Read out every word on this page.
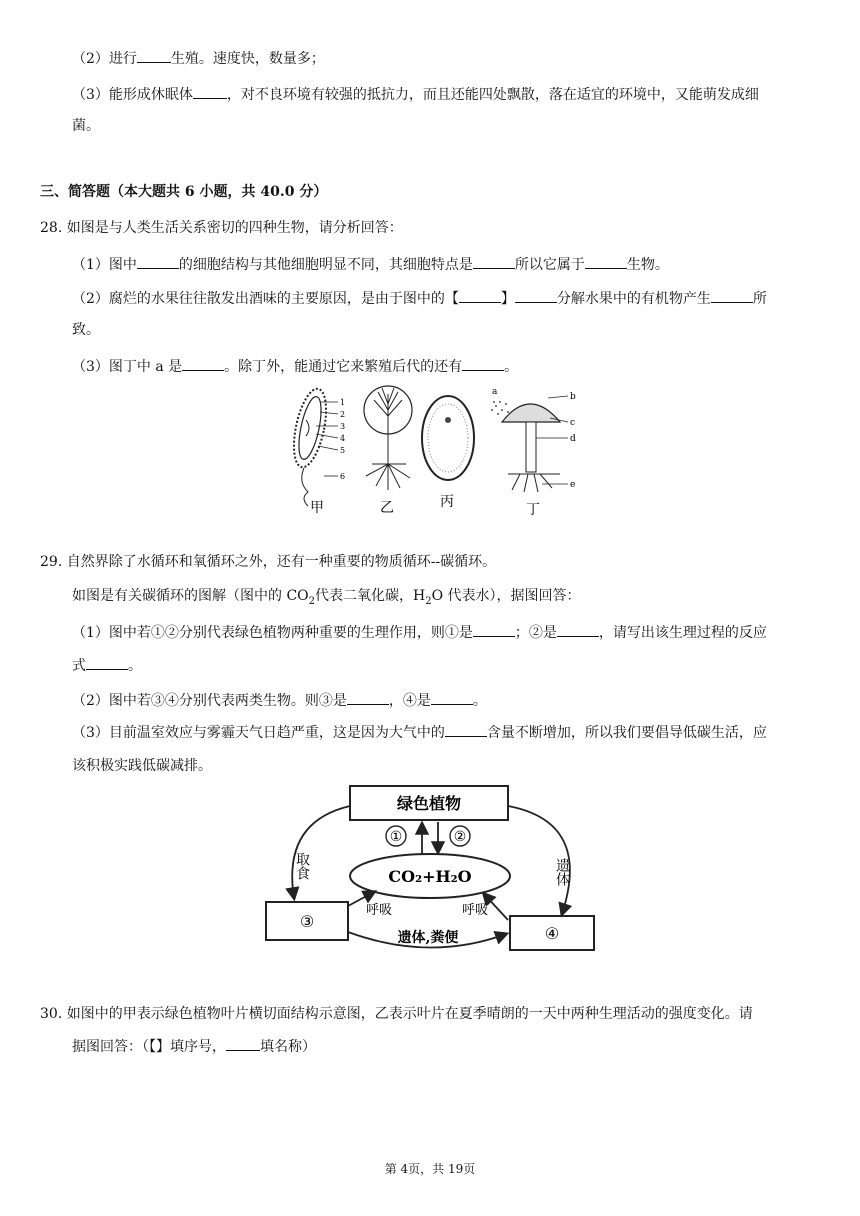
（2）进行 生殖。速度快，数量多；
（3）能形成休眠体 ，对不良环境有较强的抵抗力，而且还能四处飘散，落在适宜的环境中，又能萌发成细
菌。
三、简答题（本大题共 6 小题，共 40.0 分）
28. 如图是与人类生活关系密切的四种生物，请分析回答：
（1）图中	的细胞结构与其他细胞明显不同，其细胞特点是	所以它属于	生物。
（2）腐烂的水果往往散发出酒味的主要原因，是由于图中的【	】	分解水果中的有机物产生	所
致。
（3）图丁中 a 是	。除丁外，能通过它来繁殖后代的还有	。
1
2
3
4
5
6
甲	乙	丙
a	b
c
d
e
丁
29. 自然界除了水循环和氧循环之外，还有一种重要的物质循环--碳循环。
如图是有关碳循环的图解（图中的 $CO_2$代表二氧化碳，$H_2O$ 代表水），据图回答：
（1）图中若①②分别代表绿色植物两种重要的生理作用，则①是	；②是	，请写出该生理过程的反应
式	。
（2）图中若③④分别代表两类生物。则③是	，④是	。
（3）目前温室效应与雾霾天气日趋严重，这是因为大气中的	含量不断增加，所以我们要倡导低碳生活，应
该积极实践低碳减排。
绿色植物
①	②
CO₂+H₂O
③
④
取食	遗体
呼吸	呼吸
遗体,粪便
30. 如图中的甲表示绿色植物叶片横切面结构示意图，乙表示叶片在夏季晴朗的一天中两种生理活动的强度变化。请
据图回答：（【】填序号， 填名称）
第 4页，共 19页
